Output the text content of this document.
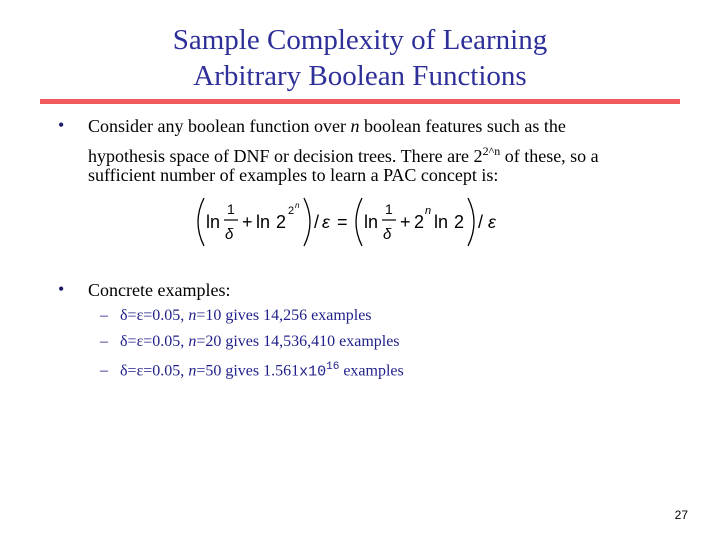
Sample Complexity of Learning
Arbitrary Boolean Functions
• Consider any boolean function over n boolean features such as the
hypothesis space of DNF or decision trees. There are $2^{2\^{}n}$ of these, so a
sufficient number of examples to learn a PAC concept is:
ln
1
δ
+ ln 2
2 n
/ ε = ln
1
δ
+ 2
n
ln 2 / ε
• Concrete examples:
– δ=ε=0.05, n=10 gives 14,256 examples
– δ=ε=0.05, n=20 gives 14,536,410 examples
– δ=ε=0.05, n=50 gives $1.561x10^{16}$ examples
27
